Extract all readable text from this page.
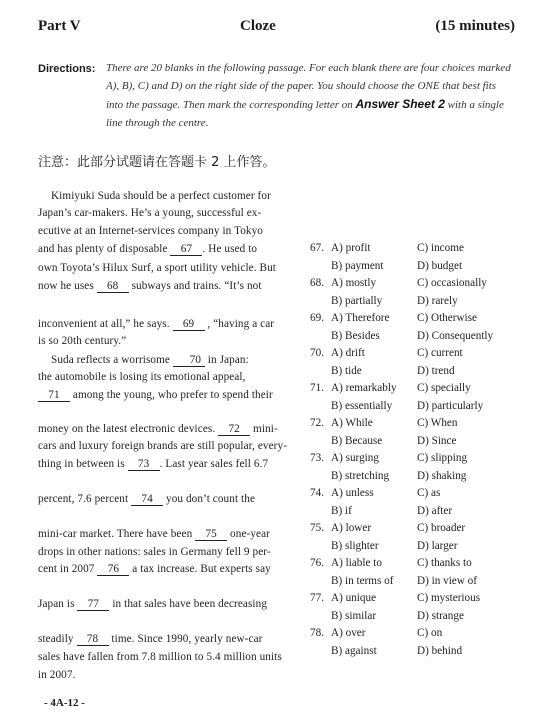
Part V	Cloze	(15 minutes)
Directions: There are 20 blanks in the following passage. For each blank there are four choices marked A), B), C) and D) on the right side of the paper. You should choose the ONE that best fits into the passage. Then mark the corresponding letter on Answer Sheet 2 with a single line through the centre.
注意：此部分试题请在答题卡 2 上作答。
Kimiyuki Suda should be a perfect customer for
Japan’s car-makers. He’s a young, successful ex-
ecutive at an Internet-services company in Tokyo
and has plenty of disposable 67 . He used to
own Toyota’s Hilux Surf, a sport utility vehicle. But
now he uses 68 subways and trains. “It’s not
inconvenient at all,” he says. 69 , “having a car
is so 20th century.”
Suda reflects a worrisome 70 in Japan:
the automobile is losing its emotional appeal,
71 among the young, who prefer to spend their
money on the latest electronic devices. 72 mini-
cars and luxury foreign brands are still popular, every-
thing in between is 73 . Last year sales fell 6.7
percent, 7.6 percent 74 you don’t count the
mini-car market. There have been 75 one-year
drops in other nations: sales in Germany fell 9 per-
cent in 2007 76 a tax increase. But experts say
Japan is 77 in that sales have been decreasing
steadily 78 time. Since 1990, yearly new-car
sales have fallen from 7.8 million to 5.4 million units
in 2007.
67. A) profit	C) income
B) payment	D) budget
68. A) mostly	C) occasionally
B) partially	D) rarely
69. A) Therefore C) Otherwise
B) Besides	D) Consequently
70. A) drift	C) current
B) tide	D) trend
71. A) remarkably C) specially
B) essentially D) particularly
72. A) While	C) When
B) Because	D) Since
73. A) surging	C) slipping
B) stretching D) shaking
74. A) unless	C) as
B) if	D) after
75. A) lower	C) broader
B) slighter	D) larger
76. A) liable to	C) thanks to
B) in terms of D) in view of
77. A) unique	C) mysterious
B) similar	D) strange
78. A) over	C) on
B) against	D) behind
- 4A-12 -
